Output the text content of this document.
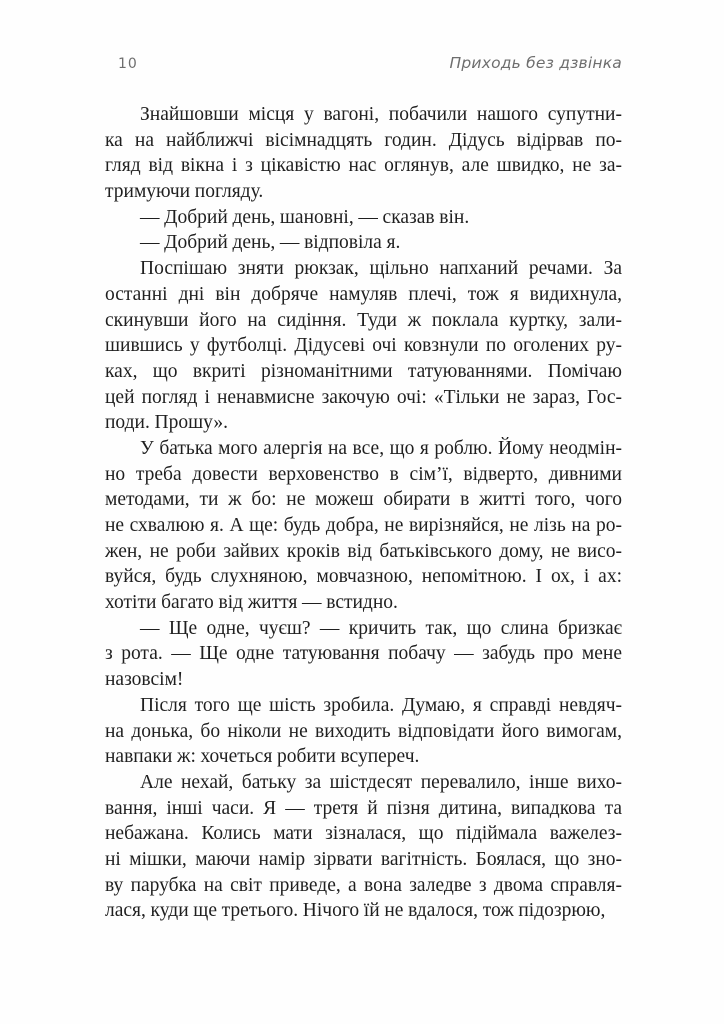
10	Приходь без дзвінка
Знайшовши місця у вагоні, побачили нашого супутни-
ка на найближчі вісімнадцять годин. Дідусь відірвав по-
гляд від вікна і з цікавістю нас оглянув, але швидко, не за-
тримуючи погляду.
— Добрий день, шановні, — сказав він.
— Добрий день, — відповіла я.
Поспішаю зняти рюкзак, щільно напханий речами. За
останні дні він добряче намуляв плечі, тож я видихнула,
скинувши його на сидіння. Туди ж поклала куртку, зали-
шившись у футболці. Дідусеві очі ковзнули по оголених ру-
ках, що вкриті різноманітними татуюваннями. Помічаю
цей погляд і ненавмисне закочую очі: «Тільки не зараз, Гос-
поди. Прошу».
У батька мого алергія на все, що я роблю. Йому неодмін-
но треба довести верховенство в сім’ї, відверто, дивними
методами, ти ж бо: не можеш обирати в житті того, чого
не схвалюю я. А ще: будь добра, не вирізняйся, не лізь на ро-
жен, не роби зайвих кроків від батьківського дому, не висо-
вуйся, будь слухняною, мовчазною, непомітною. І ох, і ах:
хотіти багато від життя — встидно.
— Ще одне, чуєш? — кричить так, що слина бризкає
з рота. — Ще одне татуювання побачу — забудь про мене
назовсім!
Після того ще шість зробила. Думаю, я справді невдяч-
на донька, бо ніколи не виходить відповідати його вимогам,
навпаки ж: хочеться робити всупереч.
Але нехай, батьку за шістдесят перевалило, інше вихо-
вання, інші часи. Я — третя й пізня дитина, випадкова та
небажана. Колись мати зізналася, що підіймала важелез-
ні мішки, маючи намір зірвати вагітність. Боялася, що зно-
ву парубка на світ приведе, а вона заледве з двома справля-
лася, куди ще третього. Нічого їй не вдалося, тож підозрюю,
